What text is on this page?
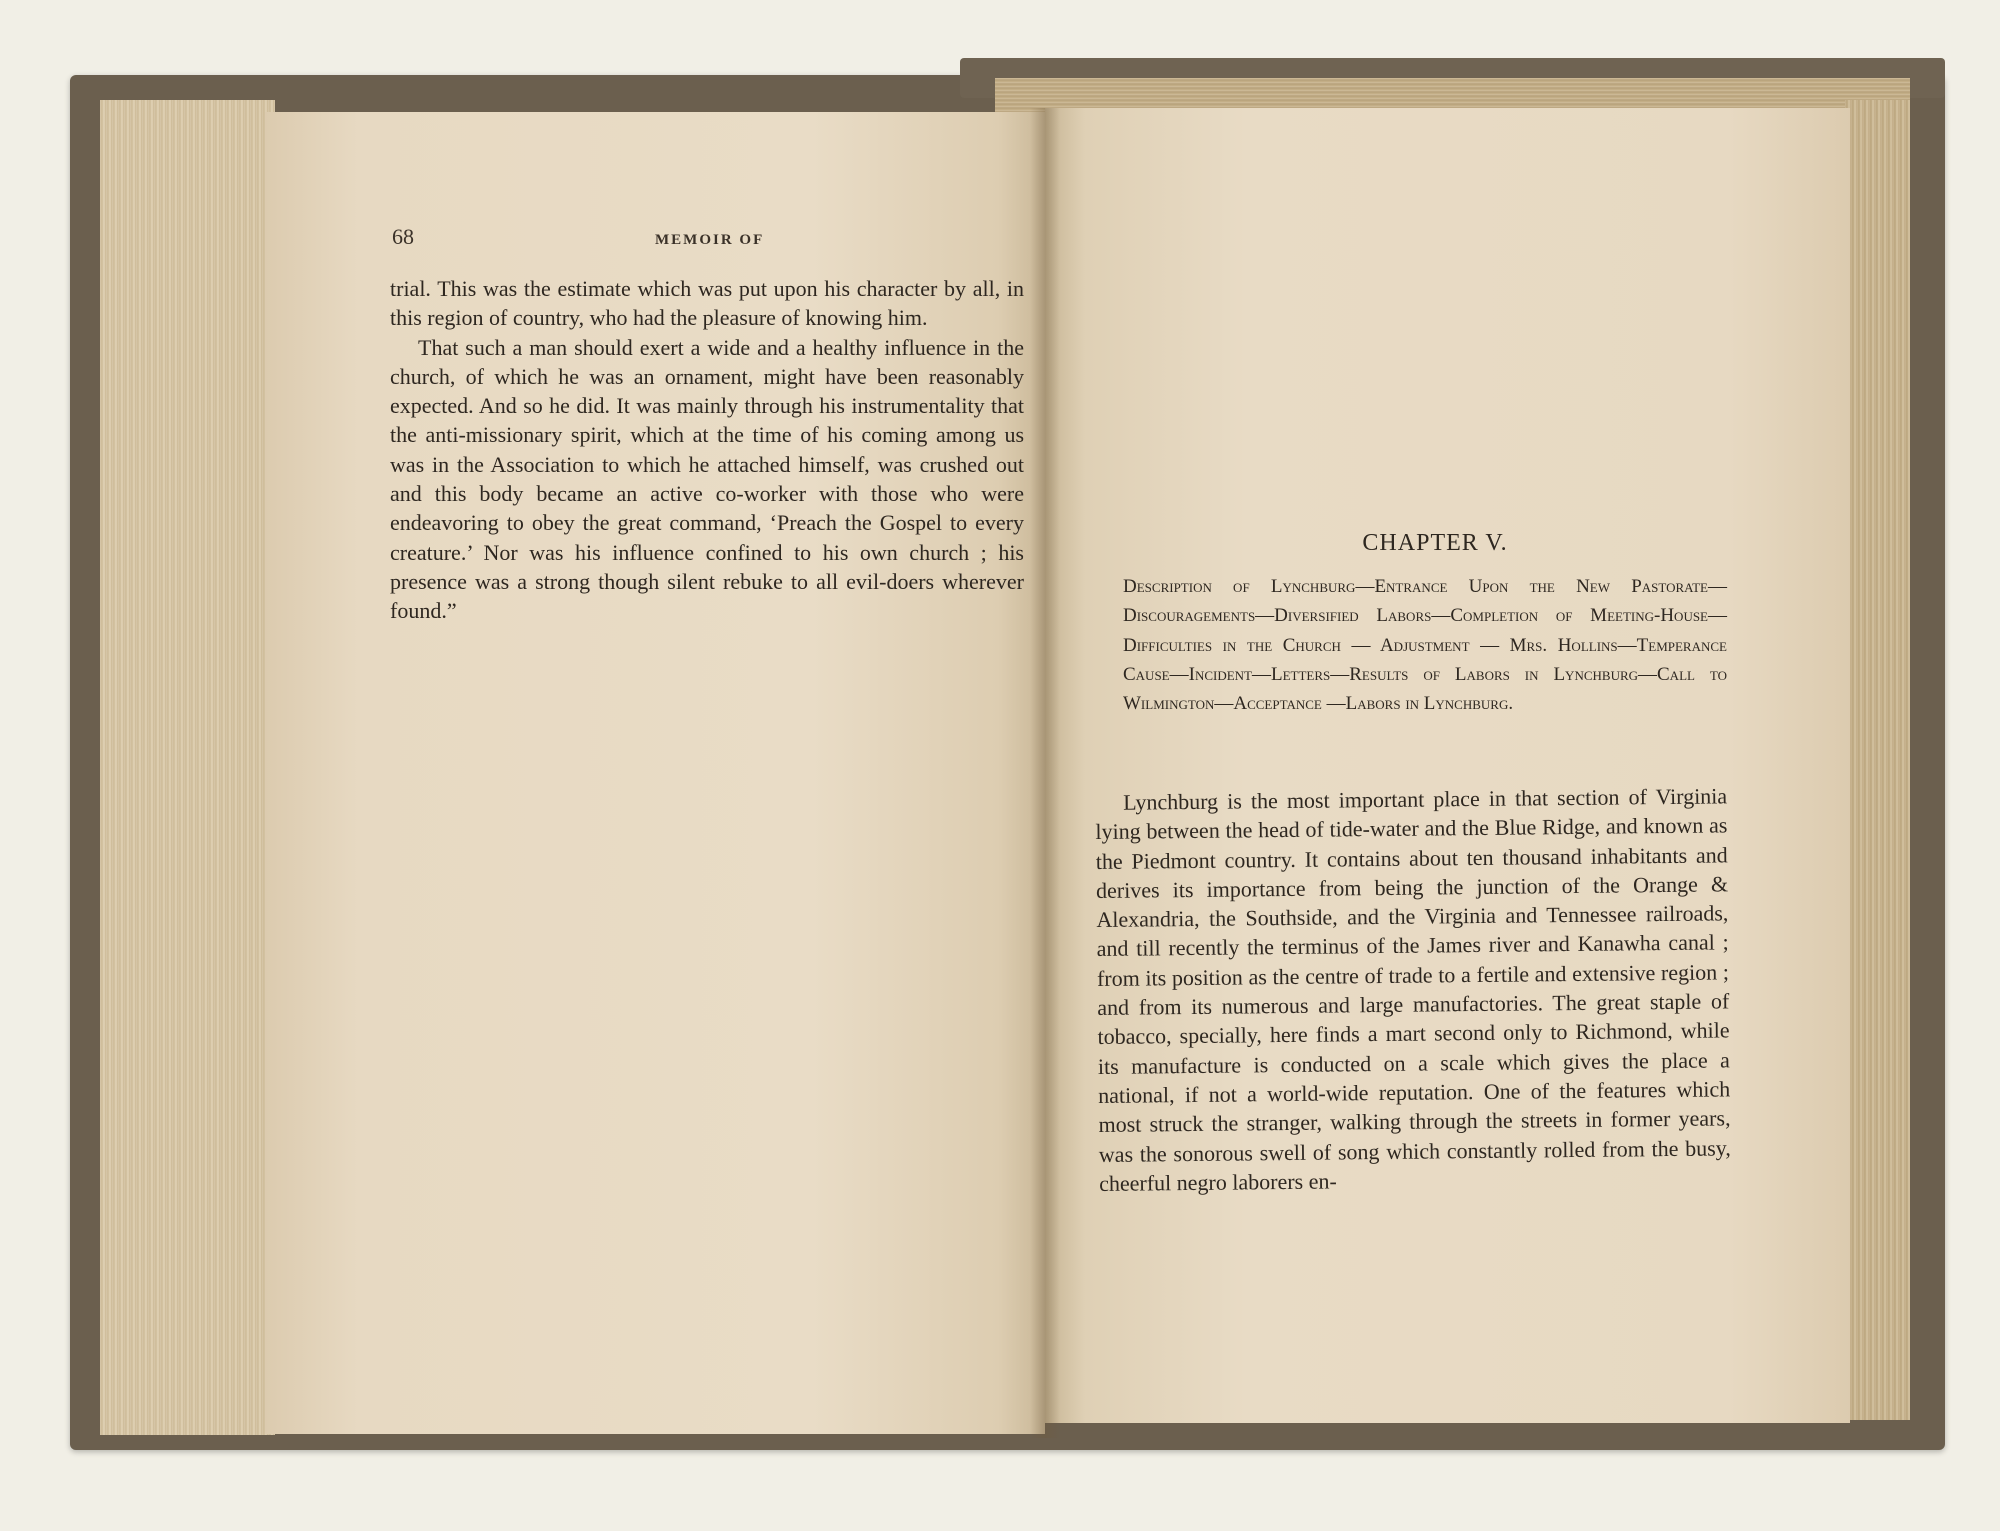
68	MEMOIR OF

trial. This was the estimate which was put upon his character by all, in this region of country, who had the pleasure of knowing him.

That such a man should exert a wide and a healthy influence in the church, of which he was an ornament, might have been reasonably expected. And so he did. It was mainly through his instrumentality that the anti-missionary spirit, which at the time of his coming among us was in the Association to which he attached himself, was crushed out and this body became an active co-worker with those who were endeavoring to obey the great command, ‘Preach the Gospel to every creature.’ Nor was his influence confined to his own church ; his presence was a strong though silent rebuke to all evil-doers wherever found.”

CHAPTER V.
Description of Lynchburg—Entrance Upon the New Pastorate—Discouragements—Diversified Labors—Completion of Meeting-House—Difficulties in the Church — Adjustment — Mrs. Hollins—Temperance Cause—Incident—Letters—Results of Labors in Lynchburg—Call to Wilmington—Acceptance —Labors in Lynchburg.

Lynchburg is the most important place in that section of Virginia lying between the head of tide-water and the Blue Ridge, and known as the Piedmont country. It contains about ten thousand inhabitants and derives its importance from being the junction of the Orange & Alexandria, the Southside, and the Virginia and Tennessee railroads, and till recently the terminus of the James river and Kanawha canal ; from its position as the centre of trade to a fertile and extensive region ; and from its numerous and large manufactories. The great staple of tobacco, specially, here finds a mart second only to Richmond, while its manufacture is conducted on a scale which gives the place a national, if not a world-wide reputation. One of the features which most struck the stranger, walking through the streets in former years, was the sonorous swell of song which constantly rolled from the busy, cheerful negro laborers en-
